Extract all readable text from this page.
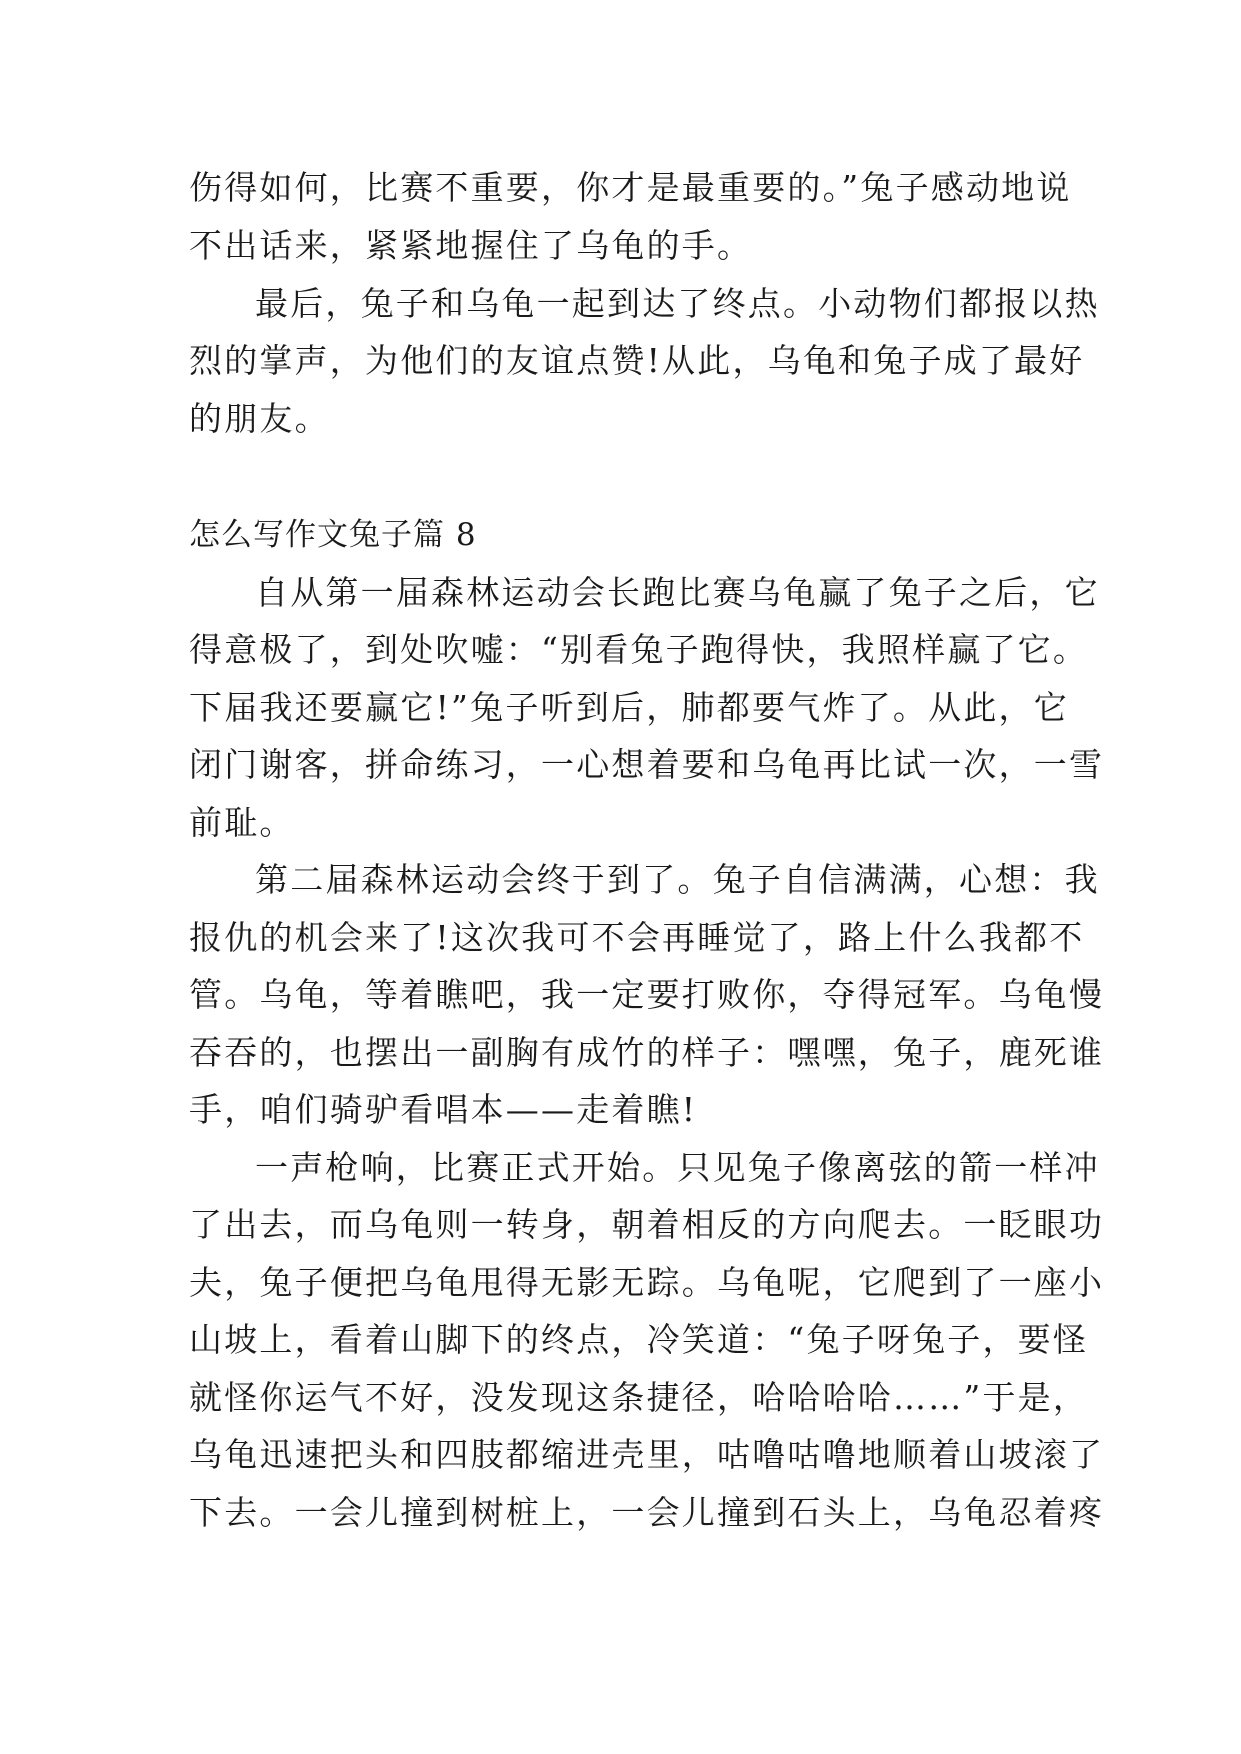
伤得如何，比赛不重要，你才是最重要的。”兔子感动地说
不出话来，紧紧地握住了乌龟的手。
最后，兔子和乌龟一起到达了终点。小动物们都报以热
烈的掌声，为他们的友谊点赞!从此，乌龟和兔子成了最好
的朋友。
怎么写作文兔子篇 8
自从第一届森林运动会长跑比赛乌龟赢了兔子之后，它
得意极了，到处吹嘘：“别看兔子跑得快，我照样赢了它。
下届我还要赢它!”兔子听到后，肺都要气炸了。从此，它
闭门谢客，拼命练习，一心想着要和乌龟再比试一次，一雪
前耻。
第二届森林运动会终于到了。兔子自信满满，心想：我
报仇的机会来了!这次我可不会再睡觉了，路上什么我都不
管。乌龟，等着瞧吧，我一定要打败你，夺得冠军。乌龟慢
吞吞的，也摆出一副胸有成竹的样子：嘿嘿，兔子，鹿死谁
手，咱们骑驴看唱本——走着瞧!
一声枪响，比赛正式开始。只见兔子像离弦的箭一样冲
了出去，而乌龟则一转身，朝着相反的方向爬去。一眨眼功
夫，兔子便把乌龟甩得无影无踪。乌龟呢，它爬到了一座小
山坡上，看着山脚下的终点，冷笑道：“兔子呀兔子，要怪
就怪你运气不好，没发现这条捷径，哈哈哈哈……”于是，
乌龟迅速把头和四肢都缩进壳里，咕噜咕噜地顺着山坡滚了
下去。一会儿撞到树桩上，一会儿撞到石头上，乌龟忍着疼
